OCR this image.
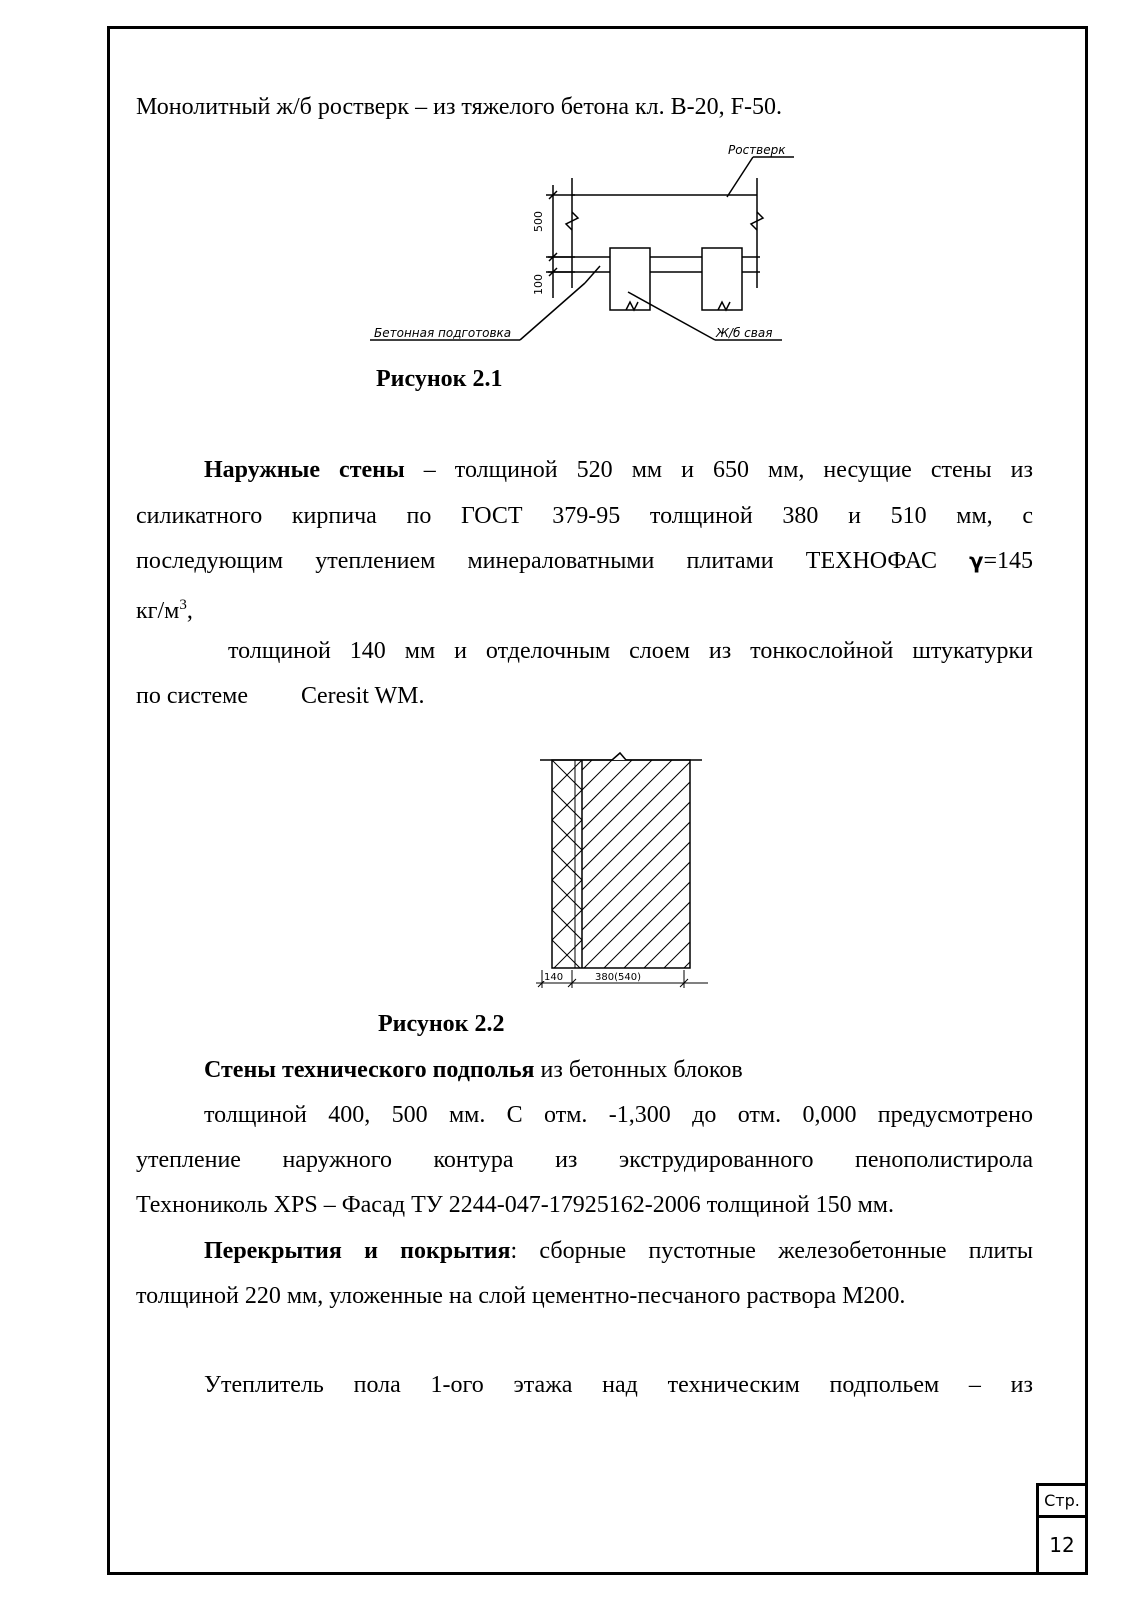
Монолитный ж/б ростверк – из тяжелого бетона кл. В-20, F-50.

Ростверк
Бетонная подготовка	Ж/б свая
500
100

Рисунок 2.1

Наружные стены – толщиной 520 мм и 650 мм, несущие стены из

силикатного кирпича по ГОСТ 379-95 толщиной 380 и 510 мм, с

последующим утеплением минераловатными плитами ТЕХНОФАС γ=145

$кг/м^3$,

толщиной 140 мм и отделочным слоем из тонкослойной штукатурки

по системе Ceresit WM.

140	380(540)

Рисунок 2.2

Стены технического подполья из бетонных блоков

толщиной 400, 500 мм. С отм. -1,300 до отм. 0,000 предусмотрено

утепление наружного контура из экструдированного пенополистирола

Технониколь XPS – Фасад ТУ 2244-047-17925162-2006 толщиной 150 мм.

Перекрытия и покрытия: сборные пустотные железобетонные плиты

толщиной 220 мм, уложенные на слой цементно-песчаного раствора М200.

Утеплитель пола 1-ого этажа над техническим подпольем – из

Стр.
12
